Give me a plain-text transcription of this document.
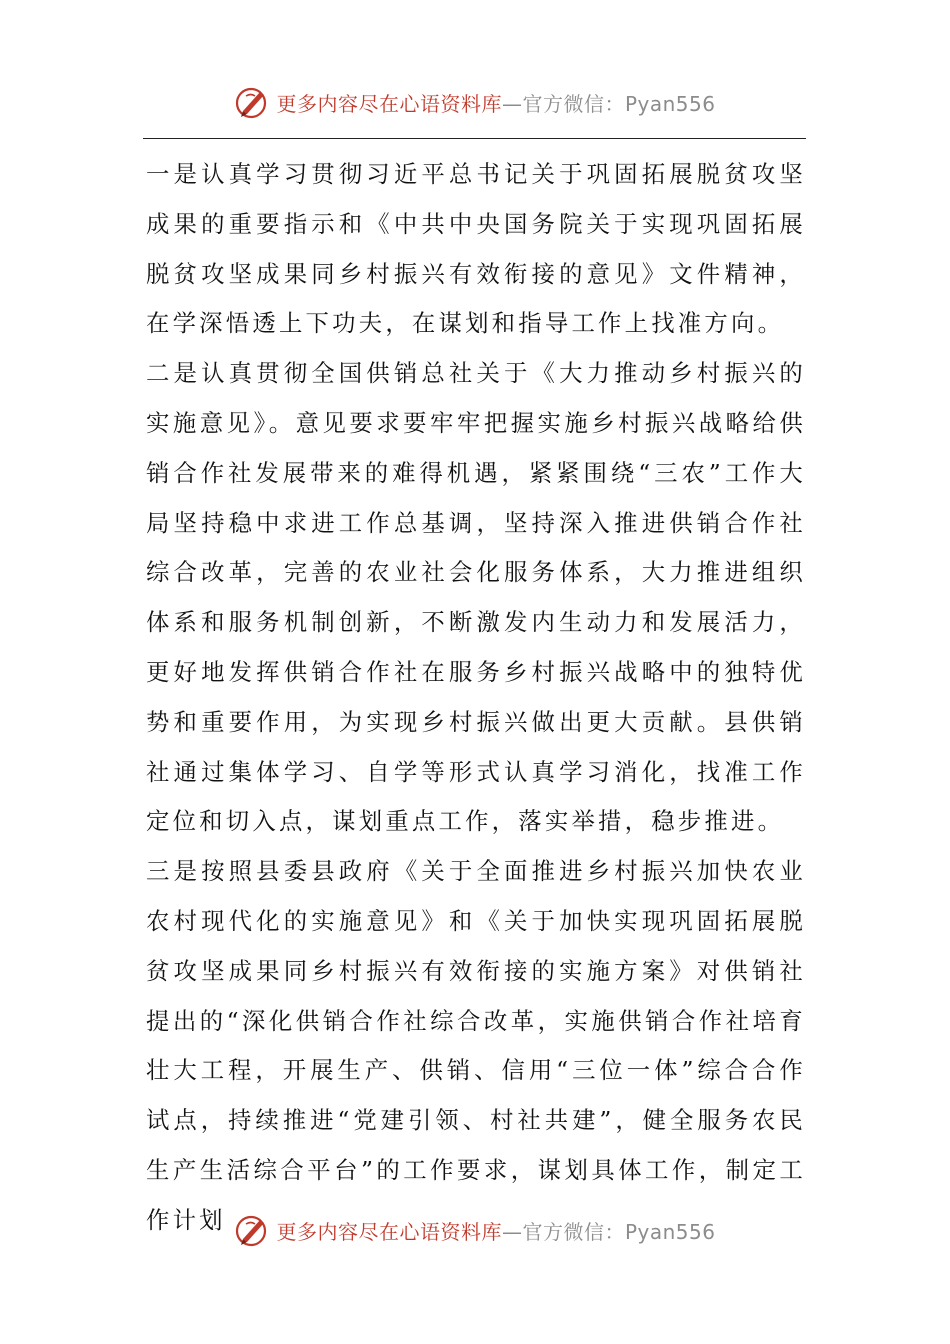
更多内容尽在心语资料库—官方微信：Pyan556

一是认真学习贯彻习近平总书记关于巩固拓展脱贫攻坚成果的重要指示和《中共中央国务院关于实现巩固拓展脱贫攻坚成果同乡村振兴有效衔接的意见》文件精神，在学深悟透上下功夫，在谋划和指导工作上找准方向。

二是认真贯彻全国供销总社关于《大力推动乡村振兴的实施意见》。意见要求要牢牢把握实施乡村振兴战略给供销合作社发展带来的难得机遇，紧紧围绕“三农”工作大局坚持稳中求进工作总基调，坚持深入推进供销合作社综合改革，完善的农业社会化服务体系，大力推进组织体系和服务机制创新，不断激发内生动力和发展活力，更好地发挥供销合作社在服务乡村振兴战略中的独特优势和重要作用，为实现乡村振兴做出更大贡献。县供销社通过集体学习、自学等形式认真学习消化，找准工作定位和切入点，谋划重点工作，落实举措，稳步推进。

三是按照县委县政府《关于全面推进乡村振兴加快农业农村现代化的实施意见》和《关于加快实现巩固拓展脱贫攻坚成果同乡村振兴有效衔接的实施方案》对供销社提出的“深化供销合作社综合改革，实施供销合作社培育壮大工程，开展生产、供销、信用“三位一体”综合合作试点，持续推进“党建引领、村社共建”，健全服务农民生产生活综合平台”的工作要求，谋划具体工作，制定工作计划	更多内容尽在心语资料库—官方微信：Pyan556
